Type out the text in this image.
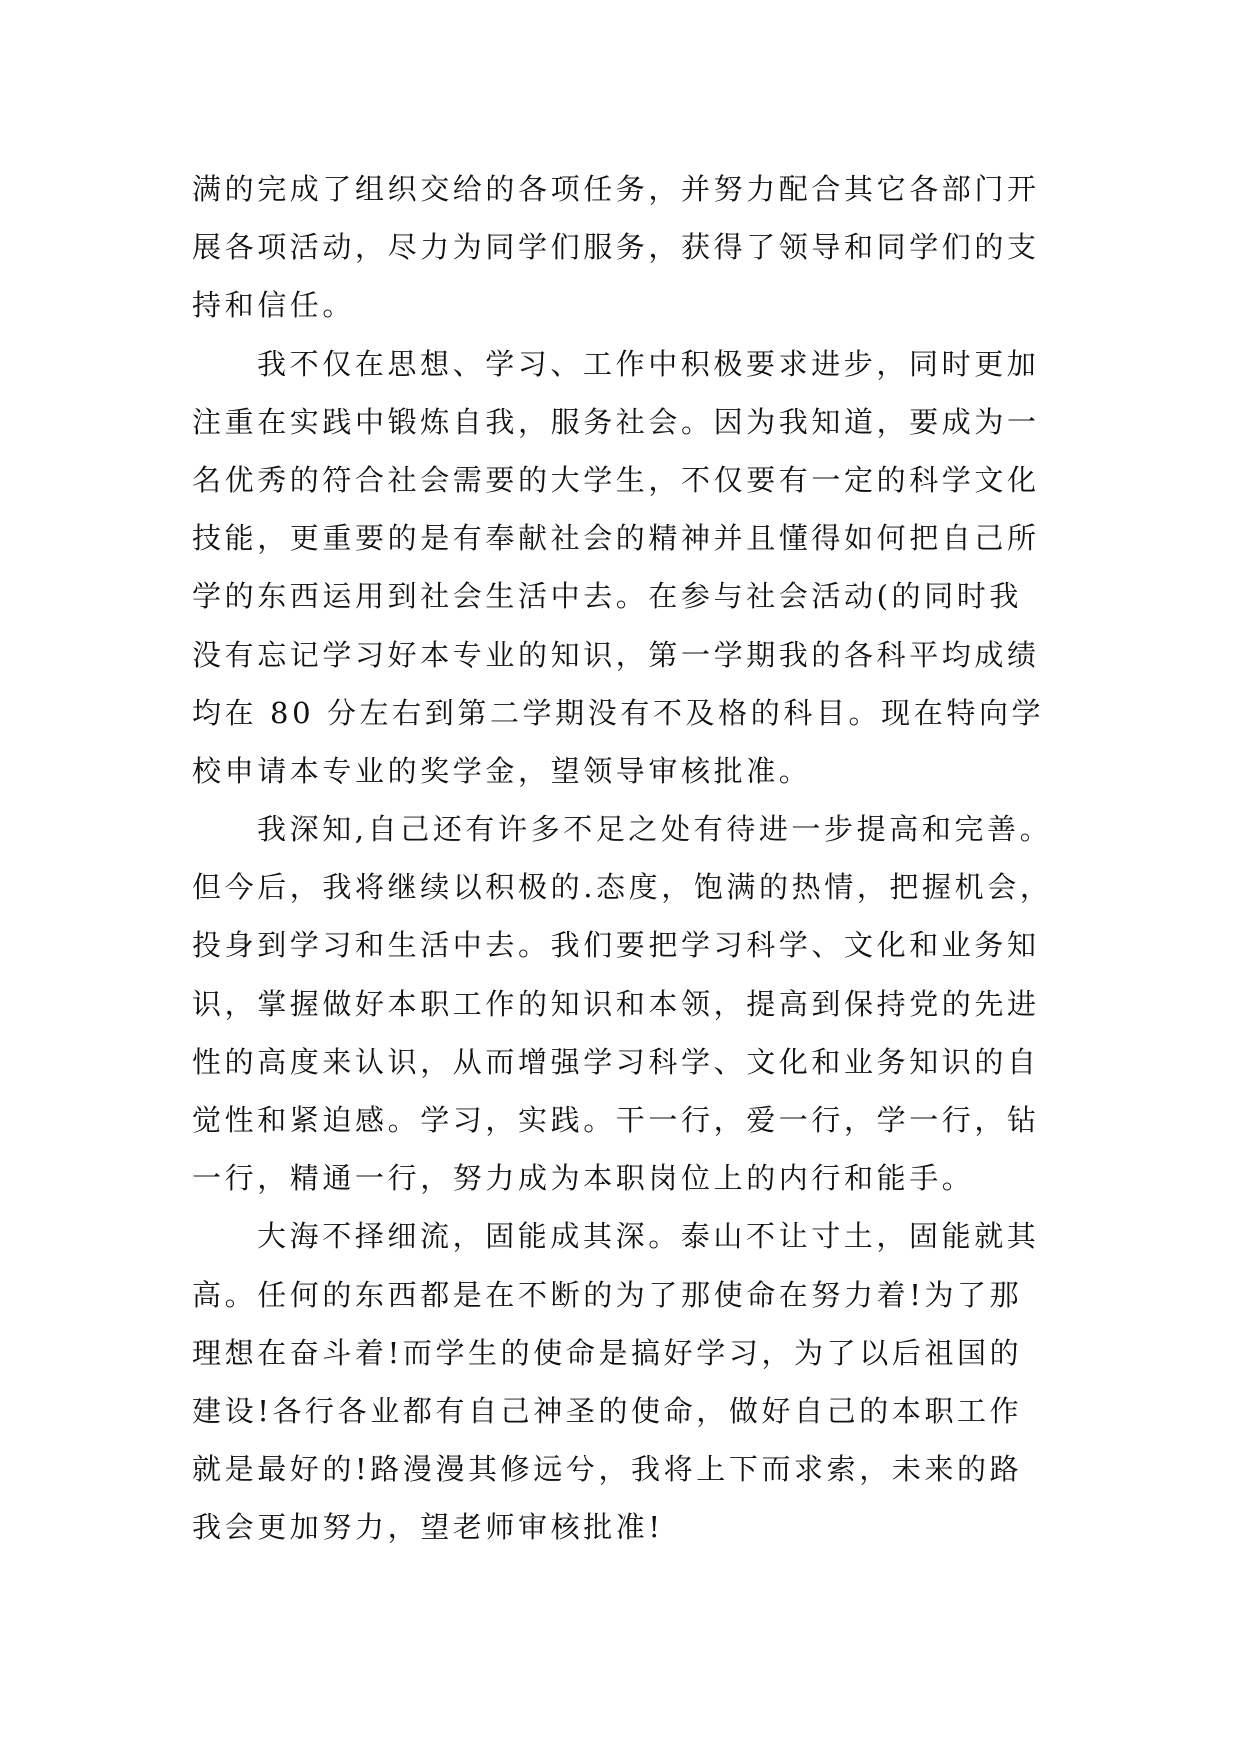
满的完成了组织交给的各项任务，并努力配合其它各部门开
展各项活动，尽力为同学们服务，获得了领导和同学们的支
持和信任。
我不仅在思想、学习、工作中积极要求进步，同时更加
注重在实践中锻炼自我，服务社会。因为我知道，要成为一
名优秀的符合社会需要的大学生，不仅要有一定的科学文化
技能，更重要的是有奉献社会的精神并且懂得如何把自己所
学的东西运用到社会生活中去。在参与社会活动(的同时我
没有忘记学习好本专业的知识，第一学期我的各科平均成绩
均在 80 分左右到第二学期没有不及格的科目。现在特向学
校申请本专业的奖学金，望领导审核批准。
我深知,自己还有许多不足之处有待进一步提高和完善。
但今后，我将继续以积极的.态度，饱满的热情，把握机会，
投身到学习和生活中去。我们要把学习科学、文化和业务知
识，掌握做好本职工作的知识和本领，提高到保持党的先进
性的高度来认识，从而增强学习科学、文化和业务知识的自
觉性和紧迫感。学习，实践。干一行，爱一行，学一行，钻
一行，精通一行，努力成为本职岗位上的内行和能手。
大海不择细流，固能成其深。泰山不让寸土，固能就其
高。任何的东西都是在不断的为了那使命在努力着!为了那
理想在奋斗着!而学生的使命是搞好学习，为了以后祖国的
建设!各行各业都有自己神圣的使命，做好自己的本职工作
就是最好的!路漫漫其修远兮，我将上下而求索，未来的路
我会更加努力，望老师审核批准!
